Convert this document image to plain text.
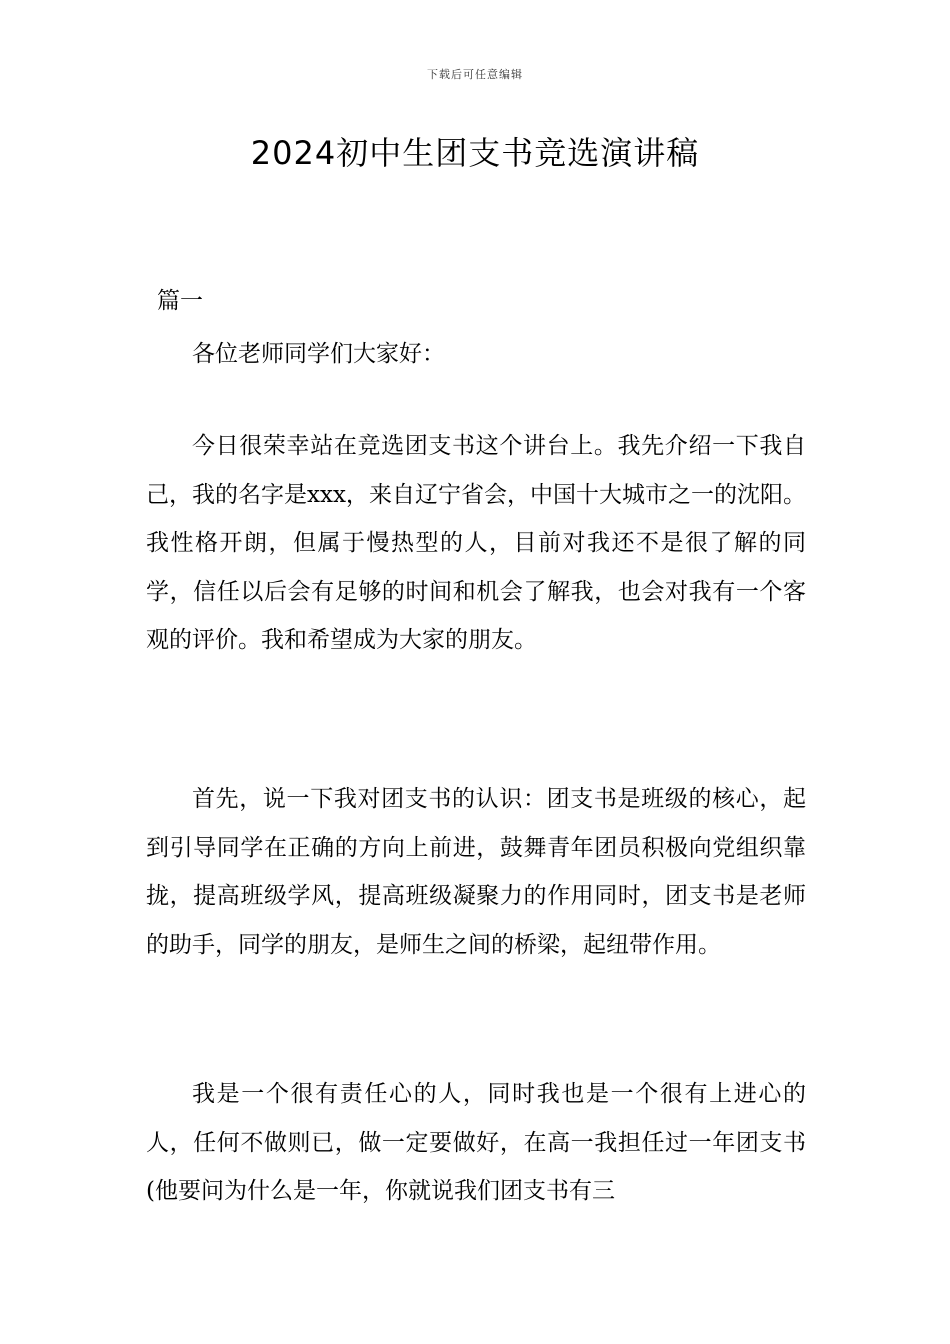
下载后可任意编辑
2024初中生团支书竞选演讲稿
篇一

各位老师同学们大家好：

今日很荣幸站在竞选团支书这个讲台上。我先介绍一下我自己，我的名字是xxx，来自辽宁省会，中国十大城市之一的沈阳。我性格开朗，但属于慢热型的人，目前对我还不是很了解的同学，信任以后会有足够的时间和机会了解我，也会对我有一个客观的评价。我和希望成为大家的朋友。

首先，说一下我对团支书的认识：团支书是班级的核心，起到引导同学在正确的方向上前进，鼓舞青年团员积极向党组织靠拢，提高班级学风，提高班级凝聚力的作用同时，团支书是老师的助手，同学的朋友，是师生之间的桥梁，起纽带作用。

我是一个很有责任心的人，同时我也是一个很有上进心的人，任何不做则已，做一定要做好，在高一我担任过一年团支书(他要问为什么是一年，你就说我们团支书有三
